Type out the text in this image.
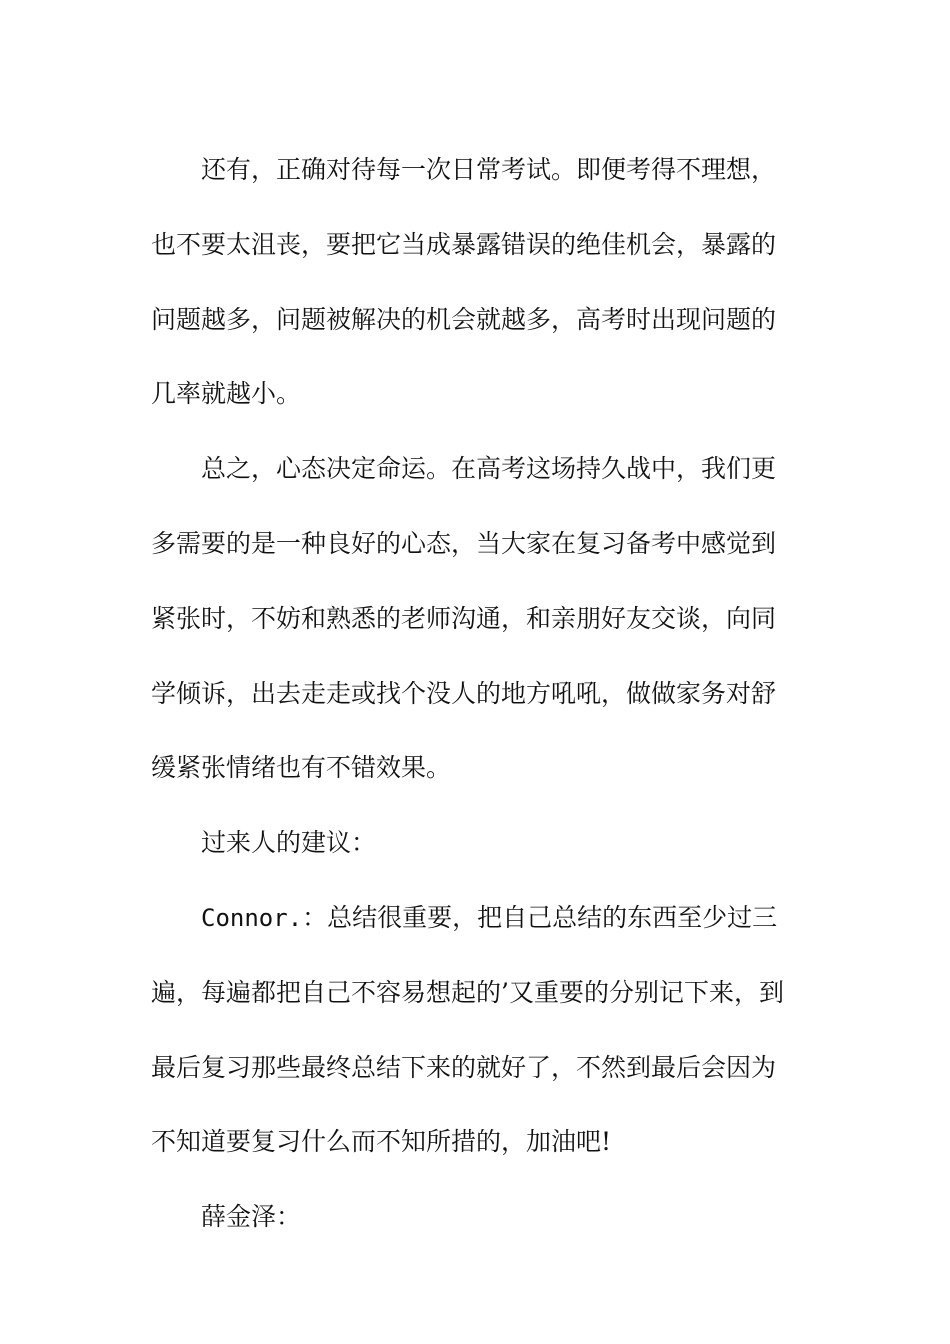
还有，正确对待每一次日常考试。即便考得不理想，
也不要太沮丧，要把它当成暴露错误的绝佳机会，暴露的
问题越多，问题被解决的机会就越多，高考时出现问题的
几率就越小。
总之，心态决定命运。在高考这场持久战中，我们更
多需要的是一种良好的心态，当大家在复习备考中感觉到
紧张时，不妨和熟悉的老师沟通，和亲朋好友交谈，向同
学倾诉，出去走走或找个没人的地方吼吼，做做家务对舒
缓紧张情绪也有不错效果。
过来人的建议：
Connor.：总结很重要，把自己总结的东西至少过三
遍，每遍都把自己不容易想起的’又重要的分别记下来，到
最后复习那些最终总结下来的就好了，不然到最后会因为
不知道要复习什么而不知所措的，加油吧!
薛金泽：
